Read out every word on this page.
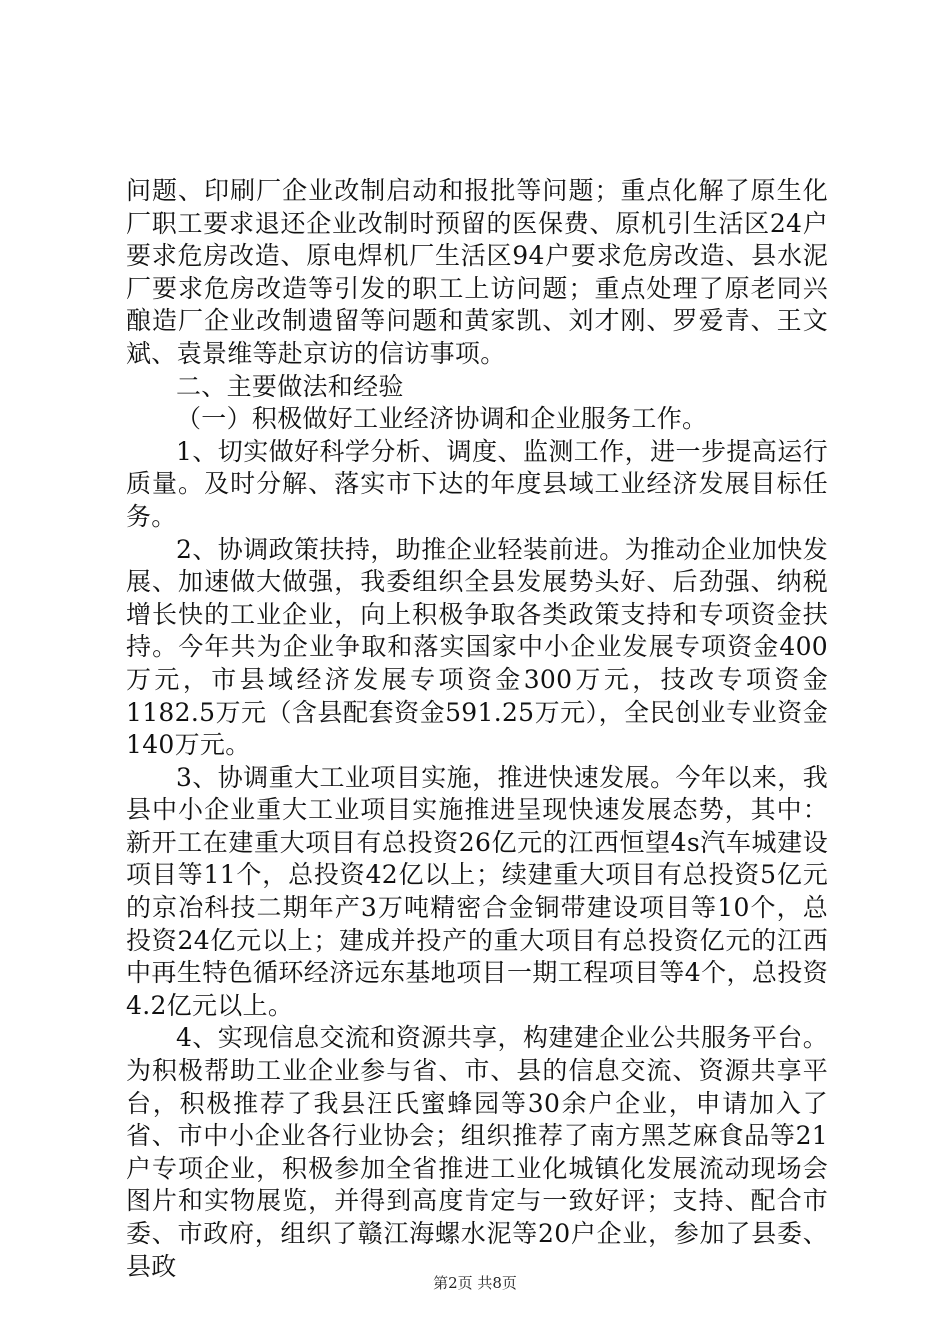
问题、印刷厂企业改制启动和报批等问题；重点化解了原生化厂职工要求退还企业改制时预留的医保费、原机引生活区24户要求危房改造、原电焊机厂生活区94户要求危房改造、县水泥厂要求危房改造等引发的职工上访问题；重点处理了原老同兴酿造厂企业改制遗留等问题和黄家凯、刘才刚、罗爱青、王文斌、袁景维等赴京访的信访事项。

二、主要做法和经验

（一）积极做好工业经济协调和企业服务工作。

1、切实做好科学分析、调度、监测工作，进一步提高运行质量。及时分解、落实市下达的年度县域工业经济发展目标任务。

2、协调政策扶持，助推企业轻装前进。为推动企业加快发展、加速做大做强，我委组织全县发展势头好、后劲强、纳税增长快的工业企业，向上积极争取各类政策支持和专项资金扶持。今年共为企业争取和落实国家中小企业发展专项资金400万元，市县域经济发展专项资金300万元，技改专项资金1182.5万元（含县配套资金591.25万元），全民创业专业资金140万元。

3、协调重大工业项目实施，推进快速发展。今年以来，我县中小企业重大工业项目实施推进呈现快速发展态势，其中：新开工在建重大项目有总投资26亿元的江西恒望4s汽车城建设项目等11个，总投资42亿以上；续建重大项目有总投资5亿元的京冶科技二期年产3万吨精密合金铜带建设项目等10个，总投资24亿元以上；建成并投产的重大项目有总投资亿元的江西中再生特色循环经济远东基地项目一期工程项目等4个，总投资4.2亿元以上。

4、实现信息交流和资源共享，构建建企业公共服务平台。为积极帮助工业企业参与省、市、县的信息交流、资源共享平台，积极推荐了我县汪氏蜜蜂园等30余户企业，申请加入了省、市中小企业各行业协会；组织推荐了南方黑芝麻食品等21户专项企业，积极参加全省推进工业化城镇化发展流动现场会图片和实物展览，并得到高度肯定与一致好评；支持、配合市委、市政府，组织了赣江海螺水泥等20户企业，参加了县委、县政

第2页 共8页
